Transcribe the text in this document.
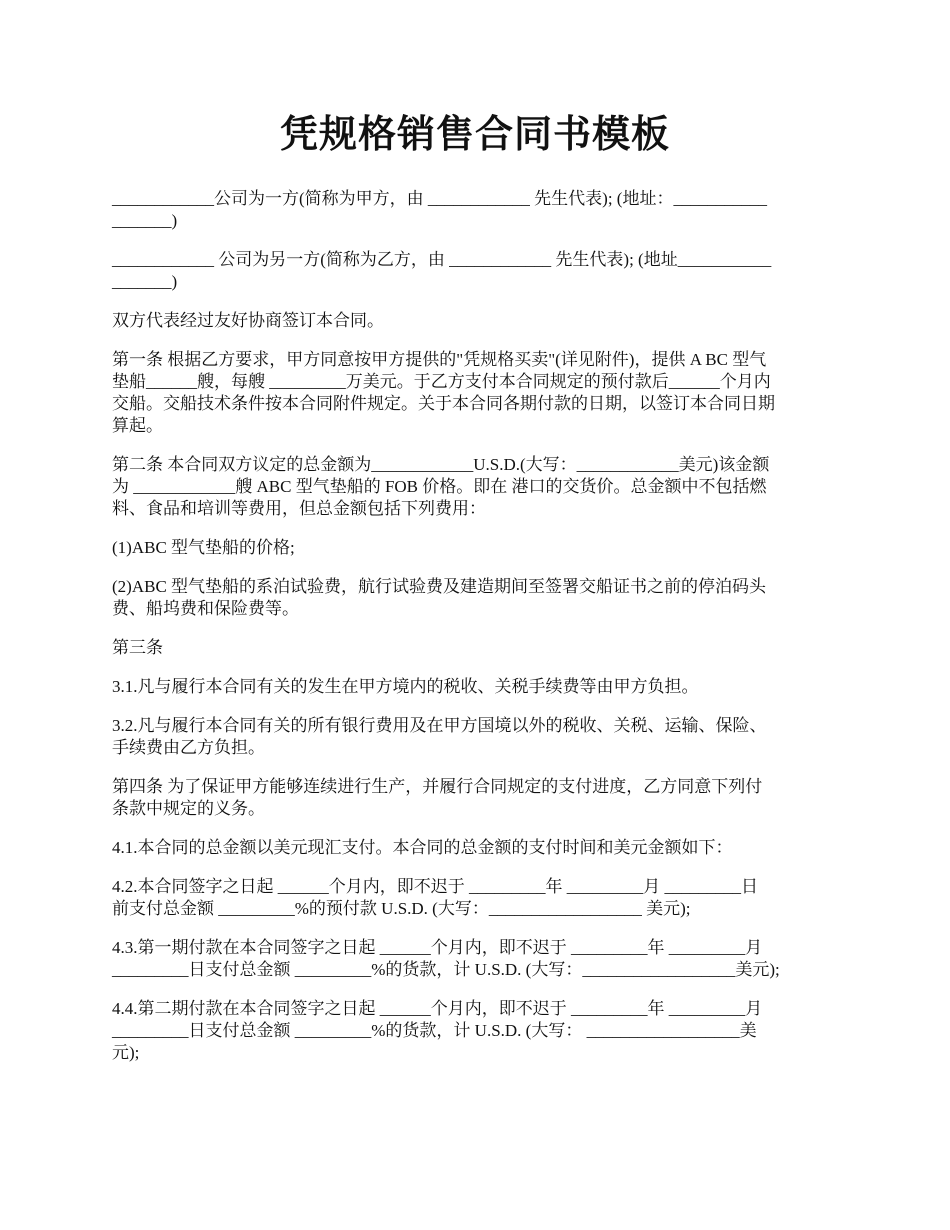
凭规格销售合同书模板

____________公司为一方(简称为甲方，由 ____________ 先生代表); (地址：___________
_______)

____________ 公司为另一方(简称为乙方，由 ____________ 先生代表); (地址___________
_______)

双方代表经过友好协商签订本合同。

第一条 根据乙方要求，甲方同意按甲方提供的"凭规格买卖"(详见附件)，提供 A BC 型气
垫船______艘，每艘 _________万美元。于乙方支付本合同规定的预付款后______个月内
交船。交船技术条件按本合同附件规定。关于本合同各期付款的日期，以签订本合同日期
算起。

第二条 本合同双方议定的总金额为____________U.S.D.(大写：____________美元)该金额
为 ____________艘 ABC 型气垫船的 FOB 价格。即在 港口的交货价。总金额中不包括燃
料、食品和培训等费用，但总金额包括下列费用：

(1)ABC 型气垫船的价格;

(2)ABC 型气垫船的系泊试验费，航行试验费及建造期间至签署交船证书之前的停泊码头
费、船坞费和保险费等。

第三条

3.1.凡与履行本合同有关的发生在甲方境内的税收、关税手续费等由甲方负担。

3.2.凡与履行本合同有关的所有银行费用及在甲方国境以外的税收、关税、运输、保险、
手续费由乙方负担。

第四条 为了保证甲方能够连续进行生产，并履行合同规定的支付进度，乙方同意下列付
条款中规定的义务。

4.1.本合同的总金额以美元现汇支付。本合同的总金额的支付时间和美元金额如下：

4.2.本合同签字之日起 ______个月内，即不迟于 _________年 _________月 _________日
前支付总金额 _________%的预付款 U.S.D. (大写：__________________ 美元);

4.3.第一期付款在本合同签字之日起 ______个月内，即不迟于 _________年 _________月
_________日支付总金额 _________%的货款，计 U.S.D. (大写：__________________美元);

4.4.第二期付款在本合同签字之日起 ______个月内，即不迟于 _________年 _________月
_________日支付总金额 _________%的货款，计 U.S.D. (大写： __________________美
元);
